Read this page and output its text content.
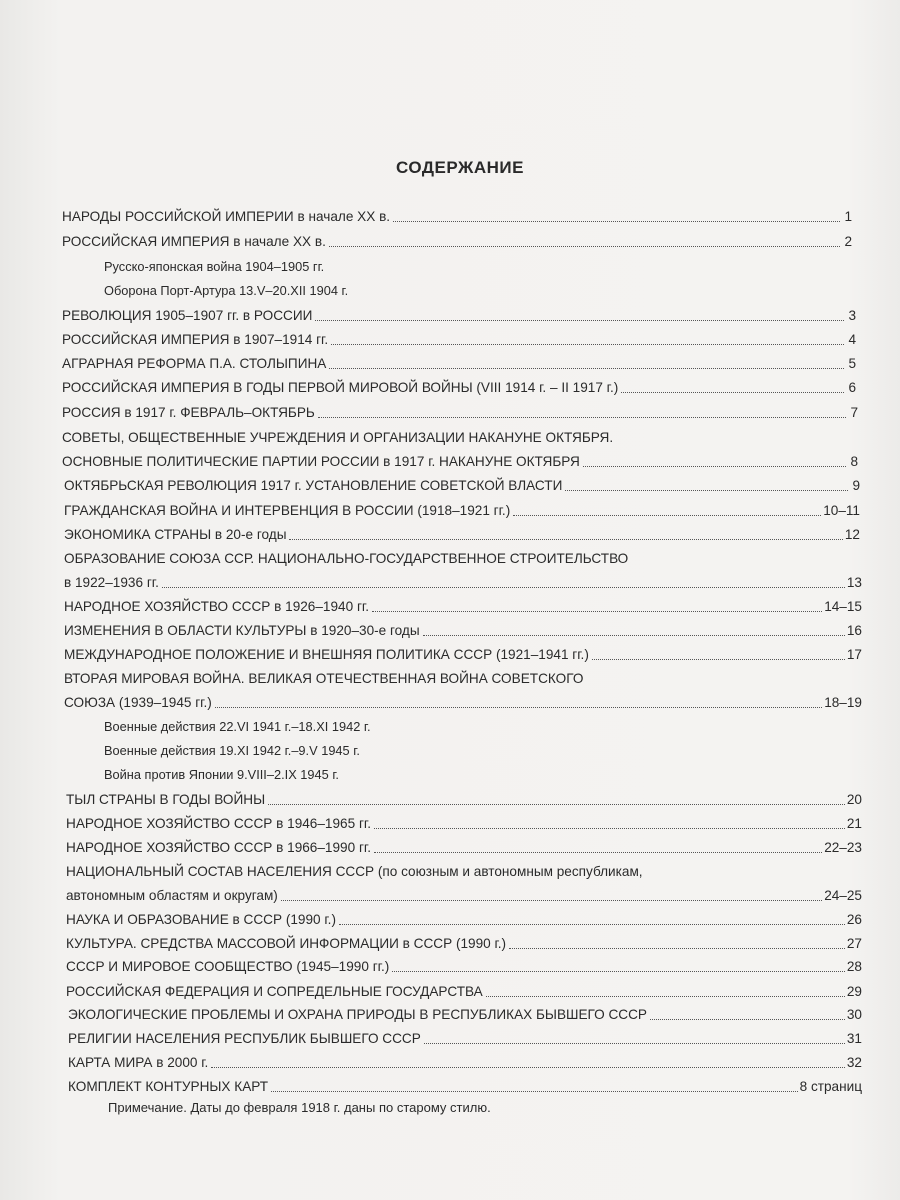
СОДЕРЖАНИЕ
НАРОДЫ РОССИЙСКОЙ ИМПЕРИИ в начале XX в.	1
РОССИЙСКАЯ ИМПЕРИЯ в начале XX в.	2
Русско-японская война 1904–1905 гг.
Оборона Порт-Артура 13.V–20.XII 1904 г.
РЕВОЛЮЦИЯ 1905–1907 гг. в РОССИИ	3
РОССИЙСКАЯ ИМПЕРИЯ в 1907–1914 гг.	4
АГРАРНАЯ РЕФОРМА П.А. СТОЛЫПИНА	5
РОССИЙСКАЯ ИМПЕРИЯ В ГОДЫ ПЕРВОЙ МИРОВОЙ ВОЙНЫ (VIII 1914 г. – II 1917 г.)	6
РОССИЯ в 1917 г. ФЕВРАЛЬ–ОКТЯБРЬ	7
СОВЕТЫ, ОБЩЕСТВЕННЫЕ УЧРЕЖДЕНИЯ И ОРГАНИЗАЦИИ НАКАНУНЕ ОКТЯБРЯ.
ОСНОВНЫЕ ПОЛИТИЧЕСКИЕ ПАРТИИ РОССИИ в 1917 г. НАКАНУНЕ ОКТЯБРЯ	8
ОКТЯБРЬСКАЯ РЕВОЛЮЦИЯ 1917 г. УСТАНОВЛЕНИЕ СОВЕТСКОЙ ВЛАСТИ	9
ГРАЖДАНСКАЯ ВОЙНА И ИНТЕРВЕНЦИЯ В РОССИИ (1918–1921 гг.)	10–11
ЭКОНОМИКА СТРАНЫ в 20-е годы	12
ОБРАЗОВАНИЕ СОЮЗА ССР. НАЦИОНАЛЬНО-ГОСУДАРСТВЕННОЕ СТРОИТЕЛЬСТВО
в 1922–1936 гг.	13
НАРОДНОЕ ХОЗЯЙСТВО СССР в 1926–1940 гг.	14–15
ИЗМЕНЕНИЯ В ОБЛАСТИ КУЛЬТУРЫ в 1920–30-е годы	16
МЕЖДУНАРОДНОЕ ПОЛОЖЕНИЕ И ВНЕШНЯЯ ПОЛИТИКА СССР (1921–1941 гг.)	17
ВТОРАЯ МИРОВАЯ ВОЙНА. ВЕЛИКАЯ ОТЕЧЕСТВЕННАЯ ВОЙНА СОВЕТСКОГО
СОЮЗА (1939–1945 гг.)	18–19
Военные действия 22.VI 1941 г.–18.XI 1942 г.
Военные действия 19.XI 1942 г.–9.V 1945 г.
Война против Японии 9.VIII–2.IX 1945 г.
ТЫЛ СТРАНЫ В ГОДЫ ВОЙНЫ	20
НАРОДНОЕ ХОЗЯЙСТВО СССР в 1946–1965 гг.	21
НАРОДНОЕ ХОЗЯЙСТВО СССР в 1966–1990 гг.	22–23
НАЦИОНАЛЬНЫЙ СОСТАВ НАСЕЛЕНИЯ СССР (по союзным и автономным республикам,
автономным областям и округам)	24–25
НАУКА И ОБРАЗОВАНИЕ в СССР (1990 г.)	26
КУЛЬТУРА. СРЕДСТВА МАССОВОЙ ИНФОРМАЦИИ в СССР (1990 г.)	27
СССР И МИРОВОЕ СООБЩЕСТВО (1945–1990 гг.)	28
РОССИЙСКАЯ ФЕДЕРАЦИЯ И СОПРЕДЕЛЬНЫЕ ГОСУДАРСТВА	29
ЭКОЛОГИЧЕСКИЕ ПРОБЛЕМЫ И ОХРАНА ПРИРОДЫ В РЕСПУБЛИКАХ БЫВШЕГО СССР	30
РЕЛИГИИ НАСЕЛЕНИЯ РЕСПУБЛИК БЫВШЕГО СССР	31
КАРТА МИРА в 2000 г.	32
КОМПЛЕКТ КОНТУРНЫХ КАРТ	8 страниц
Примечание. Даты до февраля 1918 г. даны по старому стилю.
